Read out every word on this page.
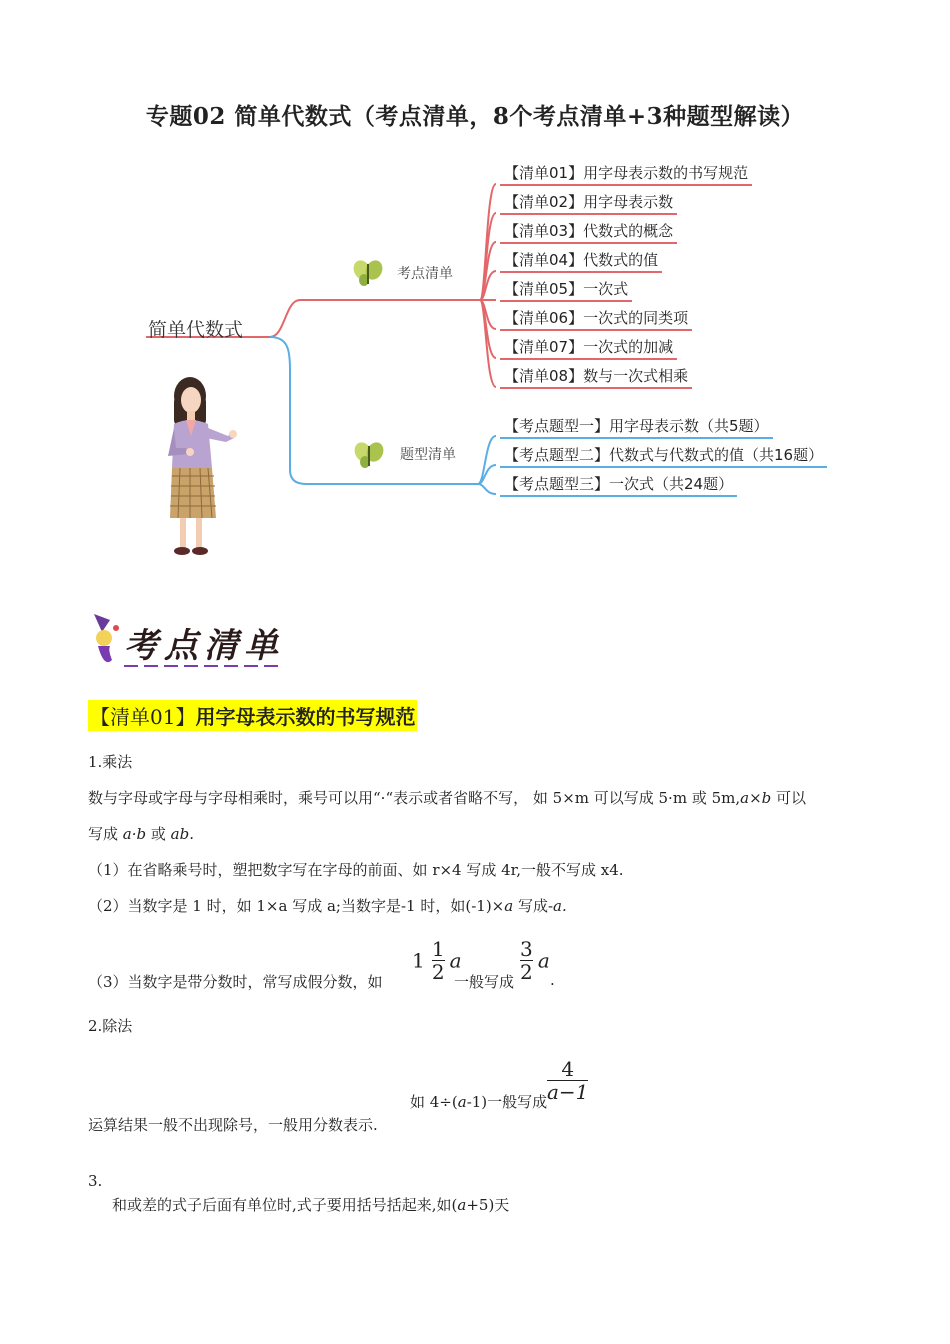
专题02 简单代数式（考点清单，8个考点清单+3种题型解读）
简单代数式
考点清单
题型清单
【清单01】用字母表示数的书写规范
【清单02】用字母表示数
【清单03】代数式的概念
【清单04】代数式的值
【清单05】一次式
【清单06】一次式的同类项
【清单07】一次式的加减
【清单08】数与一次式相乘
【考点题型一】用字母表示数（共5题）
【考点题型二】代数式与代数式的值（共16题）
【考点题型三】一次式（共24题）
考点清单
【清单01】用字母表示数的书写规范
1.乘法
数与字母或字母与字母相乘时，乘号可以用“·“表示或者省略不写， 如 5×m 可以写成 5·m 或 5m,a×b 可以
写成 a·b 或 ab.
（1）在省略乘号时，塑把数字写在字母的前面、如 r×4 写成 4r,一般不写成 x4.
（2）当数字是 1 时，如 1×a 写成 a;当数字是-1 时，如(-1)×a 写成-a.
（3）当数字是带分数时，常写成假分数，如
$1 \frac{1}{2}$ a
一般写成 $\frac{3}{2}$ a
.
2.除法
如 4÷(a-1)一般写成 $\frac{4}{a-1}$
运算结果一般不出现除号，一般用分数表示.
3.
和或差的式子后面有单位时,式子要用括号括起来,如(a+5)天
